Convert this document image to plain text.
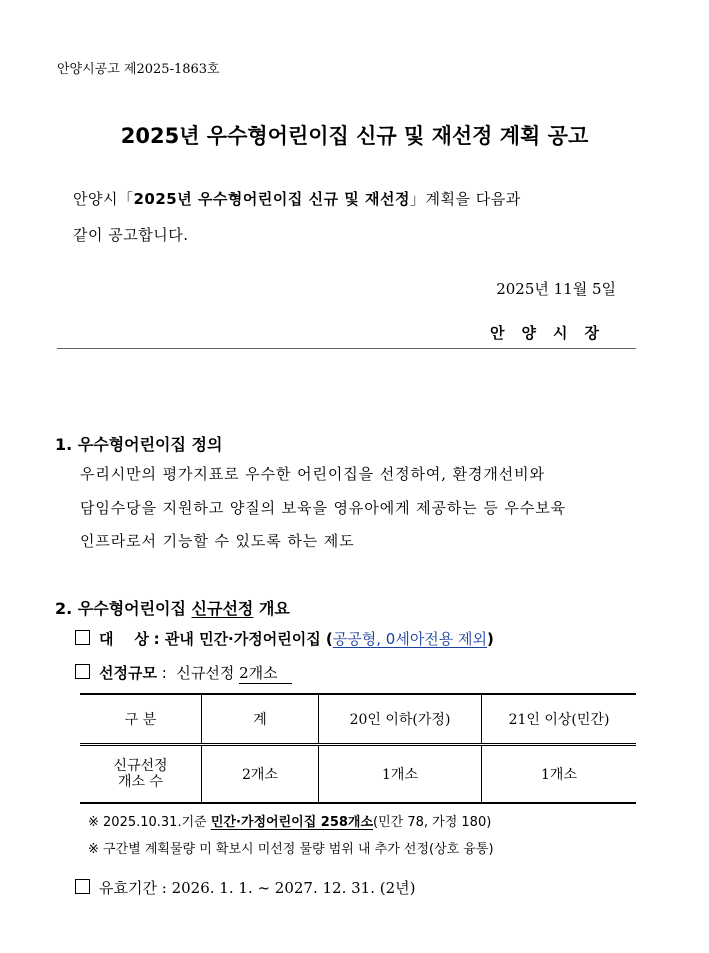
안양시공고 제2025-1863호
2025년 우수형어린이집 신규 및 재선정 계획 공고
안양시「2025년 우수형어린이집 신규 및 재선정」계획을 다음과
같이 공고합니다.
2025년 11월 5일
안양시장
1. 우수형어린이집 정의
우리시만의 평가지표로 우수한 어린이집을 선정하여, 환경개선비와
담임수당을 지원하고 양질의 보육을 영유아에게 제공하는 등 우수보육
인프라로서 기능할 수 있도록 하는 제도
2. 우수형어린이집 신규선정 개요
대    상 : 관내 민간·가정어린이집 (공공형, 0세아전용 제외)
선정규모 : 신규선정 2개소
구 분	계	20인 이하(가정)	21인 이상(민간)
신규선정
개소 수	2개소	1개소	1개소
※ 2025.10.31.기준 민간·가정어린이집 258개소(민간 78, 가정 180)
※ 구간별 계획물량 미 확보시 미선정 물량 범위 내 추가 선정(상호 융통)
유효기간 : 2026. 1. 1. ~ 2027. 12. 31. (2년)
